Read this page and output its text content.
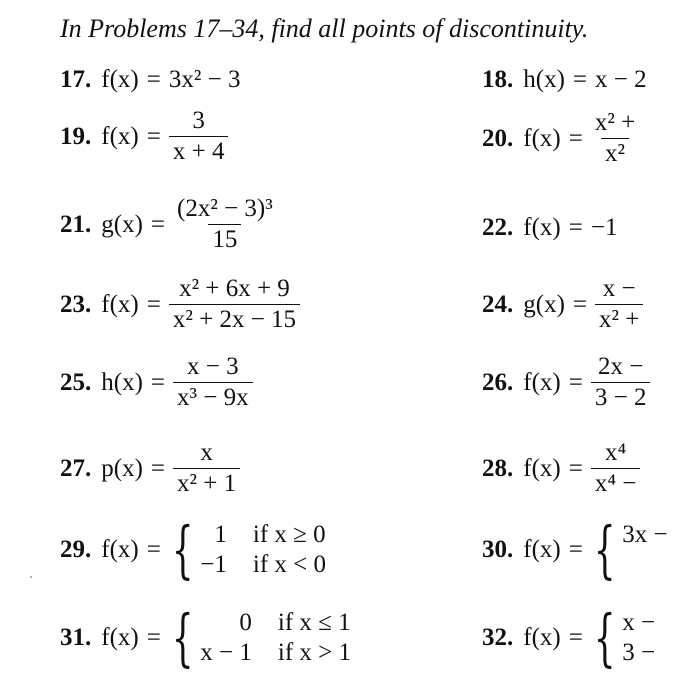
In Problems 17–34, find all points of discontinuity.
17. f(x) = 3x² − 3
19. $f(x) = \frac{3}{x + 4}$
21. $g(x) = \frac{\text{(2x² − 3)³}}{15}$
23. $f(x) = \frac{\text{x² + 6x + 9}}{\text{x² + 2x − 15}}$
25. $h(x) = \frac{x - 3}{\text{x³ − 9x}}$
27. $p(x) = \frac{x}{\text{x² + 1}}$
29. f(x) = { 1 if x ≥ 0
−1 if x < 0
31. f(x) = {	0 if x ≤ 1
x − 1 if x > 1
18. h(x) = x − 2
20. $f(x) = \frac{\text{x² +}}{\text{x²}}$
22. f(x) = −1
24. $g(x) = \frac{x -}{\text{x² +}}$
26. $f(x) = \frac{2x -}{3 - 2}$
28. $f(x) = \frac{\text{x⁴}}{\text{x⁴ −}}$
30. f(x) = { 3x −

32. f(x) = { x −
3 −
